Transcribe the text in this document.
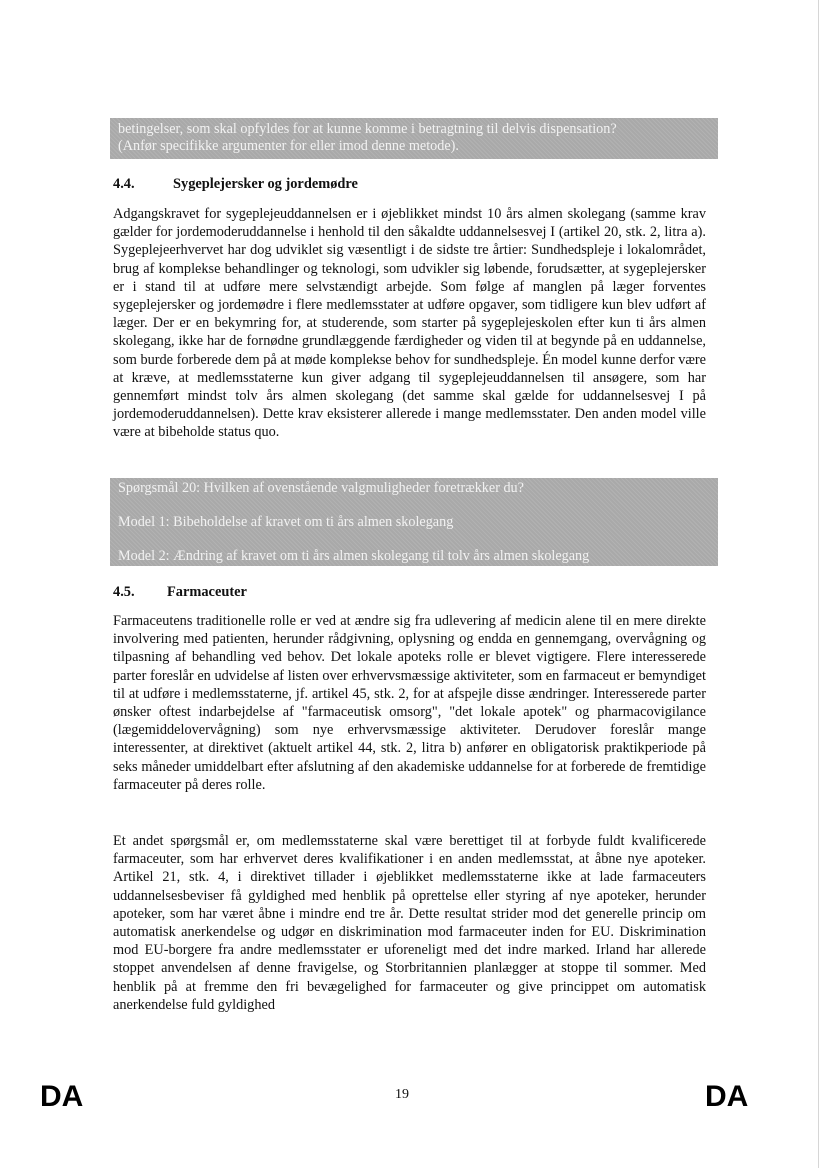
betingelser, som skal opfyldes for at kunne komme i betragtning til delvis dispensation?

(Anfør specifikke argumenter for eller imod denne metode).

4.4.	Sygeplejersker og jordemødre

Adgangskravet for sygeplejeuddannelsen er i øjeblikket mindst 10 års almen skolegang (samme krav gælder for jordemoderuddannelse i henhold til den såkaldte uddannelsesvej I (artikel 20, stk. 2, litra a). Sygeplejeerhvervet har dog udviklet sig væsentligt i de sidste tre årtier: Sundhedspleje i lokalområdet, brug af komplekse behandlinger og teknologi, som udvikler sig løbende, forudsætter, at sygeplejersker er i stand til at udføre mere selvstændigt arbejde. Som følge af manglen på læger forventes sygeplejersker og jordemødre i flere medlemsstater at udføre opgaver, som tidligere kun blev udført af læger. Der er en bekymring for, at studerende, som starter på sygeplejeskolen efter kun ti års almen skolegang, ikke har de fornødne grundlæggende færdigheder og viden til at begynde på en uddannelse, som burde forberede dem på at møde komplekse behov for sundhedspleje. Én model kunne derfor være at kræve, at medlemsstaterne kun giver adgang til sygeplejeuddannelsen til ansøgere, som har gennemført mindst tolv års almen skolegang (det samme skal gælde for uddannelsesvej I på jordemoderuddannelsen). Dette krav eksisterer allerede i mange medlemsstater. Den anden model ville være at bibeholde status quo.

Spørgsmål 20: Hvilken af ovenstående valgmuligheder foretrækker du?

Model 1: Bibeholdelse af kravet om ti års almen skolegang

Model 2: Ændring af kravet om ti års almen skolegang til tolv års almen skolegang

4.5. Farmaceuter

Farmaceutens traditionelle rolle er ved at ændre sig fra udlevering af medicin alene til en mere direkte involvering med patienten, herunder rådgivning, oplysning og endda en gennemgang, overvågning og tilpasning af behandling ved behov. Det lokale apoteks rolle er blevet vigtigere. Flere interesserede parter foreslår en udvidelse af listen over erhvervsmæssige aktiviteter, som en farmaceut er bemyndiget til at udføre i medlemsstaterne, jf. artikel 45, stk. 2, for at afspejle disse ændringer. Interesserede parter ønsker oftest indarbejdelse af "farmaceutisk omsorg", "det lokale apotek" og pharmacovigilance (lægemiddelovervågning) som nye erhvervsmæssige aktiviteter. Derudover foreslår mange interessenter, at direktivet (aktuelt artikel 44, stk. 2, litra b) anfører en obligatorisk praktikperiode på seks måneder umiddelbart efter afslutning af den akademiske uddannelse for at forberede de fremtidige farmaceuter på deres rolle.

Et andet spørgsmål er, om medlemsstaterne skal være berettiget til at forbyde fuldt kvalificerede farmaceuter, som har erhvervet deres kvalifikationer i en anden medlemsstat, at åbne nye apoteker. Artikel 21, stk. 4, i direktivet tillader i øjeblikket medlemsstaterne ikke at lade farmaceuters uddannelsesbeviser få gyldighed med henblik på oprettelse eller styring af nye apoteker, herunder apoteker, som har været åbne i mindre end tre år. Dette resultat strider mod det generelle princip om automatisk anerkendelse og udgør en diskrimination mod farmaceuter inden for EU. Diskrimination mod EU-borgere fra andre medlemsstater er uforeneligt med det indre marked. Irland har allerede stoppet anvendelsen af denne fravigelse, og Storbritannien planlægger at stoppe til sommer. Med henblik på at fremme den fri bevægelighed for farmaceuter og give princippet om automatisk anerkendelse fuld gyldighed

DA	19	DA
